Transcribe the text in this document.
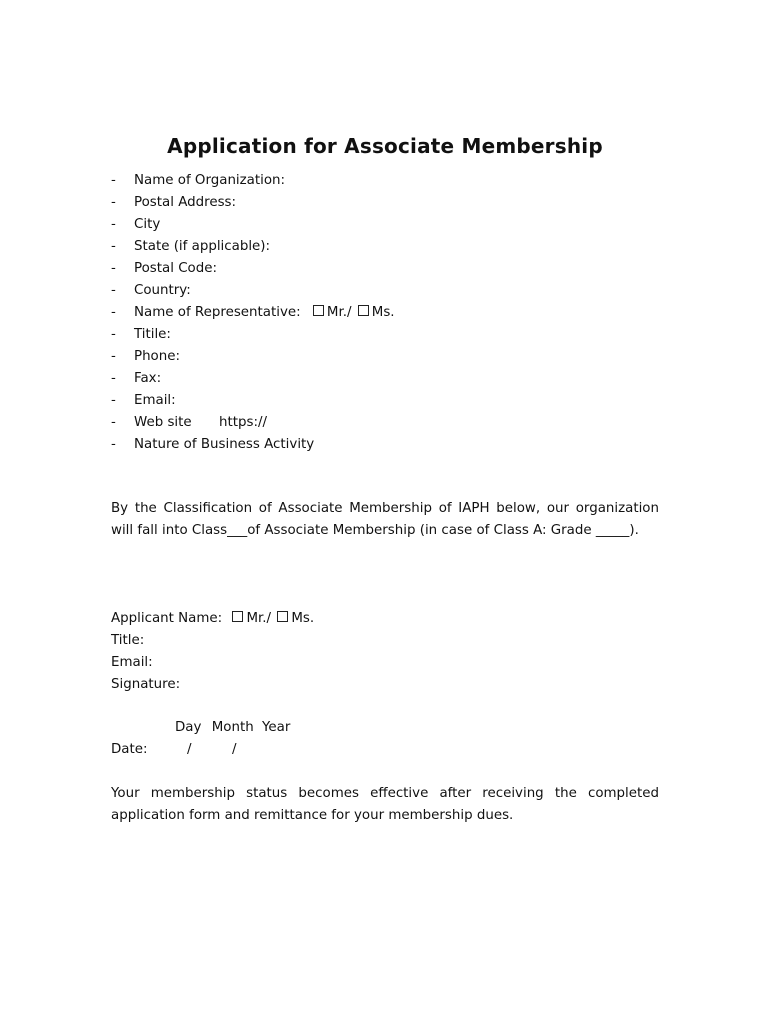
Application for Associate Membership
- Name of Organization:
- Postal Address:
- City
- State (if applicable):
- Postal Code:
- Country:
- Name of Representative: Mr./ Ms.
- Titile:
- Phone:
- Fax:
- Email:
- Web site https://
- Nature of Business Activity

By the Classification of Associate Membership of IAPH below, our organization will fall into Class___of Associate Membership (in case of Class A: Grade _____).

Applicant Name: Mr./ Ms.
Title:
Email:
Signature:
Day Month Year
Date:	/	/

Your membership status becomes effective after receiving the completed application form and remittance for your membership dues.
